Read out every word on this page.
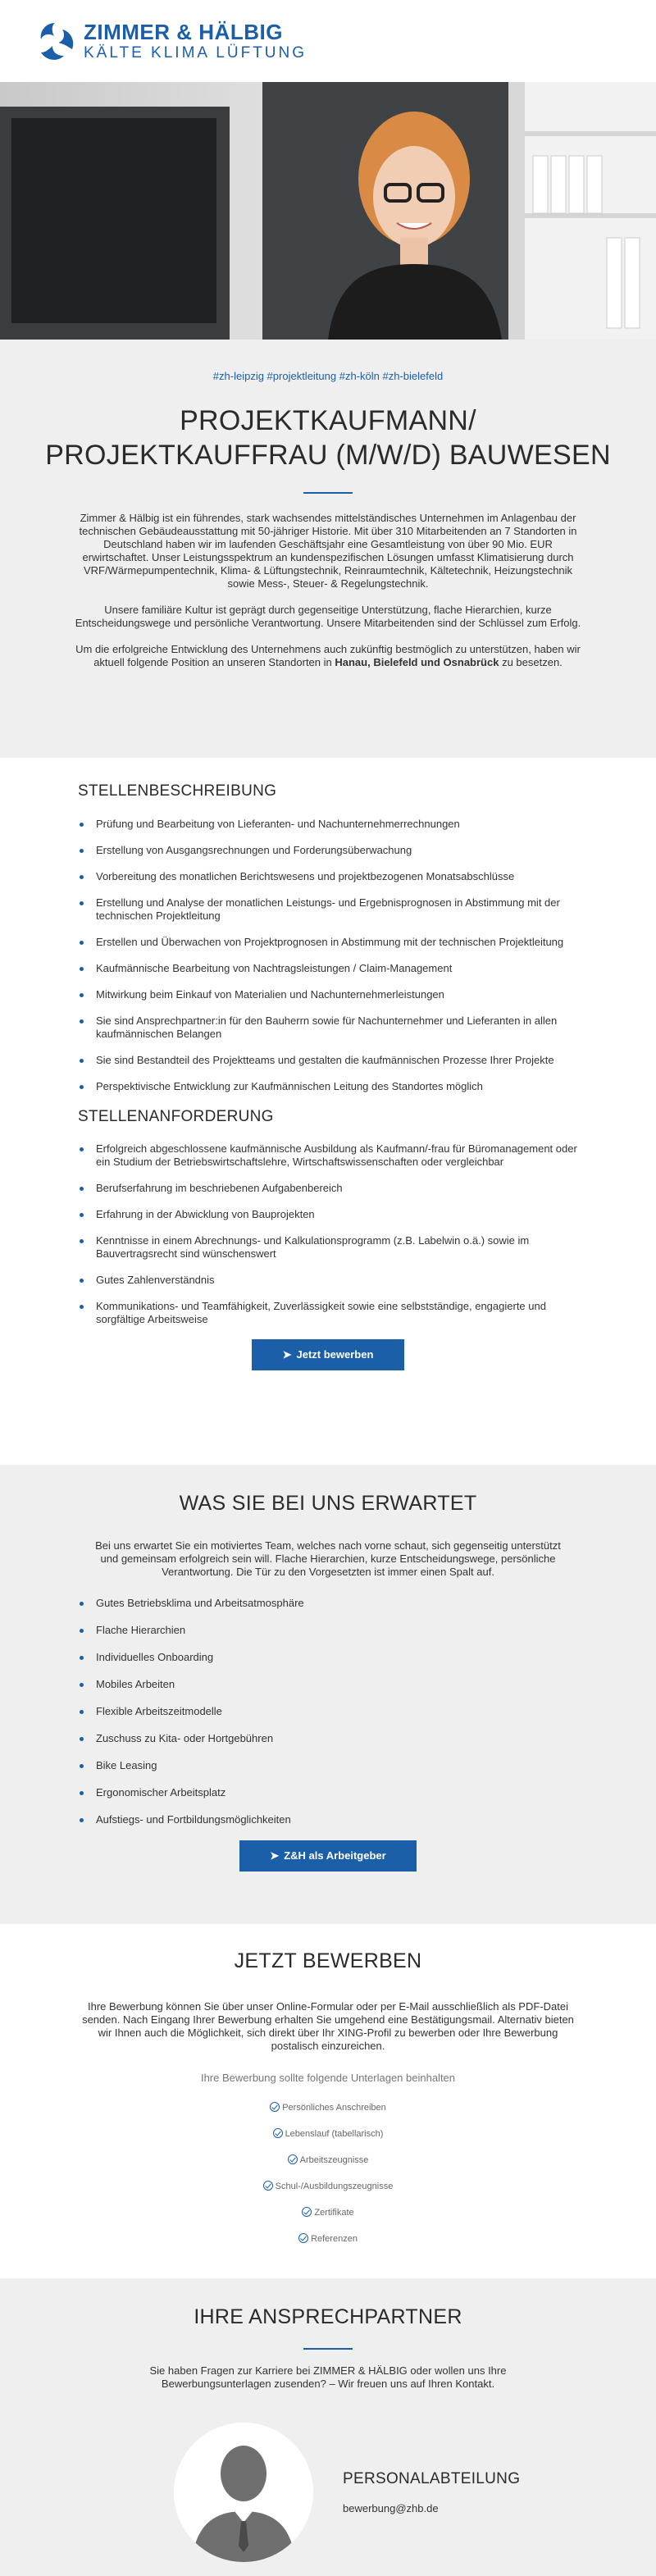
ZIMMER & HÄLBIG
KÄLTE KLIMA LÜFTUNG
#zh-leipzig #projektleitung #zh-köln #zh-bielefeld
PROJEKTKAUFMANN/
PROJEKTKAUFFRAU (M/W/D) BAUWESEN

Zimmer & Hälbig ist ein führendes, stark wachsendes mittelständisches Unternehmen im Anlagenbau der technischen Gebäudeausstattung mit 50-jähriger Historie. Mit über 310 Mitarbeitenden an 7 Standorten in Deutschland haben wir im laufenden Geschäftsjahr eine Gesamtleistung von über 90 Mio. EUR erwirtschaftet. Unser Leistungsspektrum an kundenspezifischen Lösungen umfasst Klimatisierung durch VRF/Wärmepumpentechnik, Klima- & Lüftungstechnik, Reinraumtechnik, Kältetechnik, Heizungstechnik sowie Mess-, Steuer- & Regelungstechnik.

Unsere familiäre Kultur ist geprägt durch gegenseitige Unterstützung, flache Hierarchien, kurze Entscheidungswege und persönliche Verantwortung. Unsere Mitarbeitenden sind der Schlüssel zum Erfolg.

Um die erfolgreiche Entwicklung des Unternehmens auch zukünftig bestmöglich zu unterstützen, haben wir aktuell folgende Position an unseren Standorten in Hanau, Bielefeld und Osnabrück zu besetzen.

STELLENBESCHREIBUNG
Prüfung und Bearbeitung von Lieferanten- und Nachunternehmerrechnungen
Erstellung von Ausgangsrechnungen und Forderungsüberwachung
Vorbereitung des monatlichen Berichtswesens und projektbezogenen Monatsabschlüsse
Erstellung und Analyse der monatlichen Leistungs- und Ergebnisprognosen in Abstimmung mit der technischen Projektleitung
Erstellen und Überwachen von Projektprognosen in Abstimmung mit der technischen Projektleitung
Kaufmännische Bearbeitung von Nachtragsleistungen / Claim-Management
Mitwirkung beim Einkauf von Materialien und Nachunternehmerleistungen
Sie sind Ansprechpartner:in für den Bauherrn sowie für Nachunternehmer und Lieferanten in allen kaufmännischen Belangen
Sie sind Bestandteil des Projektteams und gestalten die kaufmännischen Prozesse Ihrer Projekte
Perspektivische Entwicklung zur Kaufmännischen Leitung des Standortes möglich
STELLENANFORDERUNG
Erfolgreich abgeschlossene kaufmännische Ausbildung als Kaufmann/-frau für Büromanagement oder ein Studium der Betriebswirtschaftslehre, Wirtschaftswissenschaften oder vergleichbar
Berufserfahrung im beschriebenen Aufgabenbereich
Erfahrung in der Abwicklung von Bauprojekten
Kenntnisse in einem Abrechnungs- und Kalkulationsprogramm (z.B. Labelwin o.ä.) sowie im Bauvertragsrecht sind wünschenswert
Gutes Zahlenverständnis
Kommunikations- und Teamfähigkeit, Zuverlässigkeit sowie eine selbstständige, engagierte und sorgfältige Arbeitsweise
➤ Jetzt bewerben
WAS SIE BEI UNS ERWARTET

Bei uns erwartet Sie ein motiviertes Team, welches nach vorne schaut, sich gegenseitig unterstützt und gemeinsam erfolgreich sein will. Flache Hierarchien, kurze Entscheidungswege, persönliche Verantwortung. Die Tür zu den Vorgesetzten ist immer einen Spalt auf.

Gutes Betriebsklima und Arbeitsatmosphäre
Flache Hierarchien
Individuelles Onboarding
Mobiles Arbeiten
Flexible Arbeitszeitmodelle
Zuschuss zu Kita- oder Hortgebühren
Bike Leasing
Ergonomischer Arbeitsplatz
Aufstiegs- und Fortbildungsmöglichkeiten
➤ Z&H als Arbeitgeber
JETZT BEWERBEN

Ihre Bewerbung können Sie über unser Online-Formular oder per E-Mail ausschließlich als PDF-Datei senden. Nach Eingang Ihrer Bewerbung erhalten Sie umgehend eine Bestätigungsmail. Alternativ bieten wir Ihnen auch die Möglichkeit, sich direkt über Ihr XING-Profil zu bewerben oder Ihre Bewerbung postalisch einzureichen.

Ihre Bewerbung sollte folgende Unterlagen beinhalten
Persönliches Anschreiben
Lebenslauf (tabellarisch)
Arbeitszeugnisse
Schul-/Ausbildungszeugnisse
Zertifikate
Referenzen
IHRE ANSPRECHPARTNER

Sie haben Fragen zur Karriere bei ZIMMER & HÄLBIG oder wollen uns Ihre Bewerbungsunterlagen zusenden? – Wir freuen uns auf Ihren Kontakt.

PERSONALABTEILUNG
bewerbung@zhb.de
